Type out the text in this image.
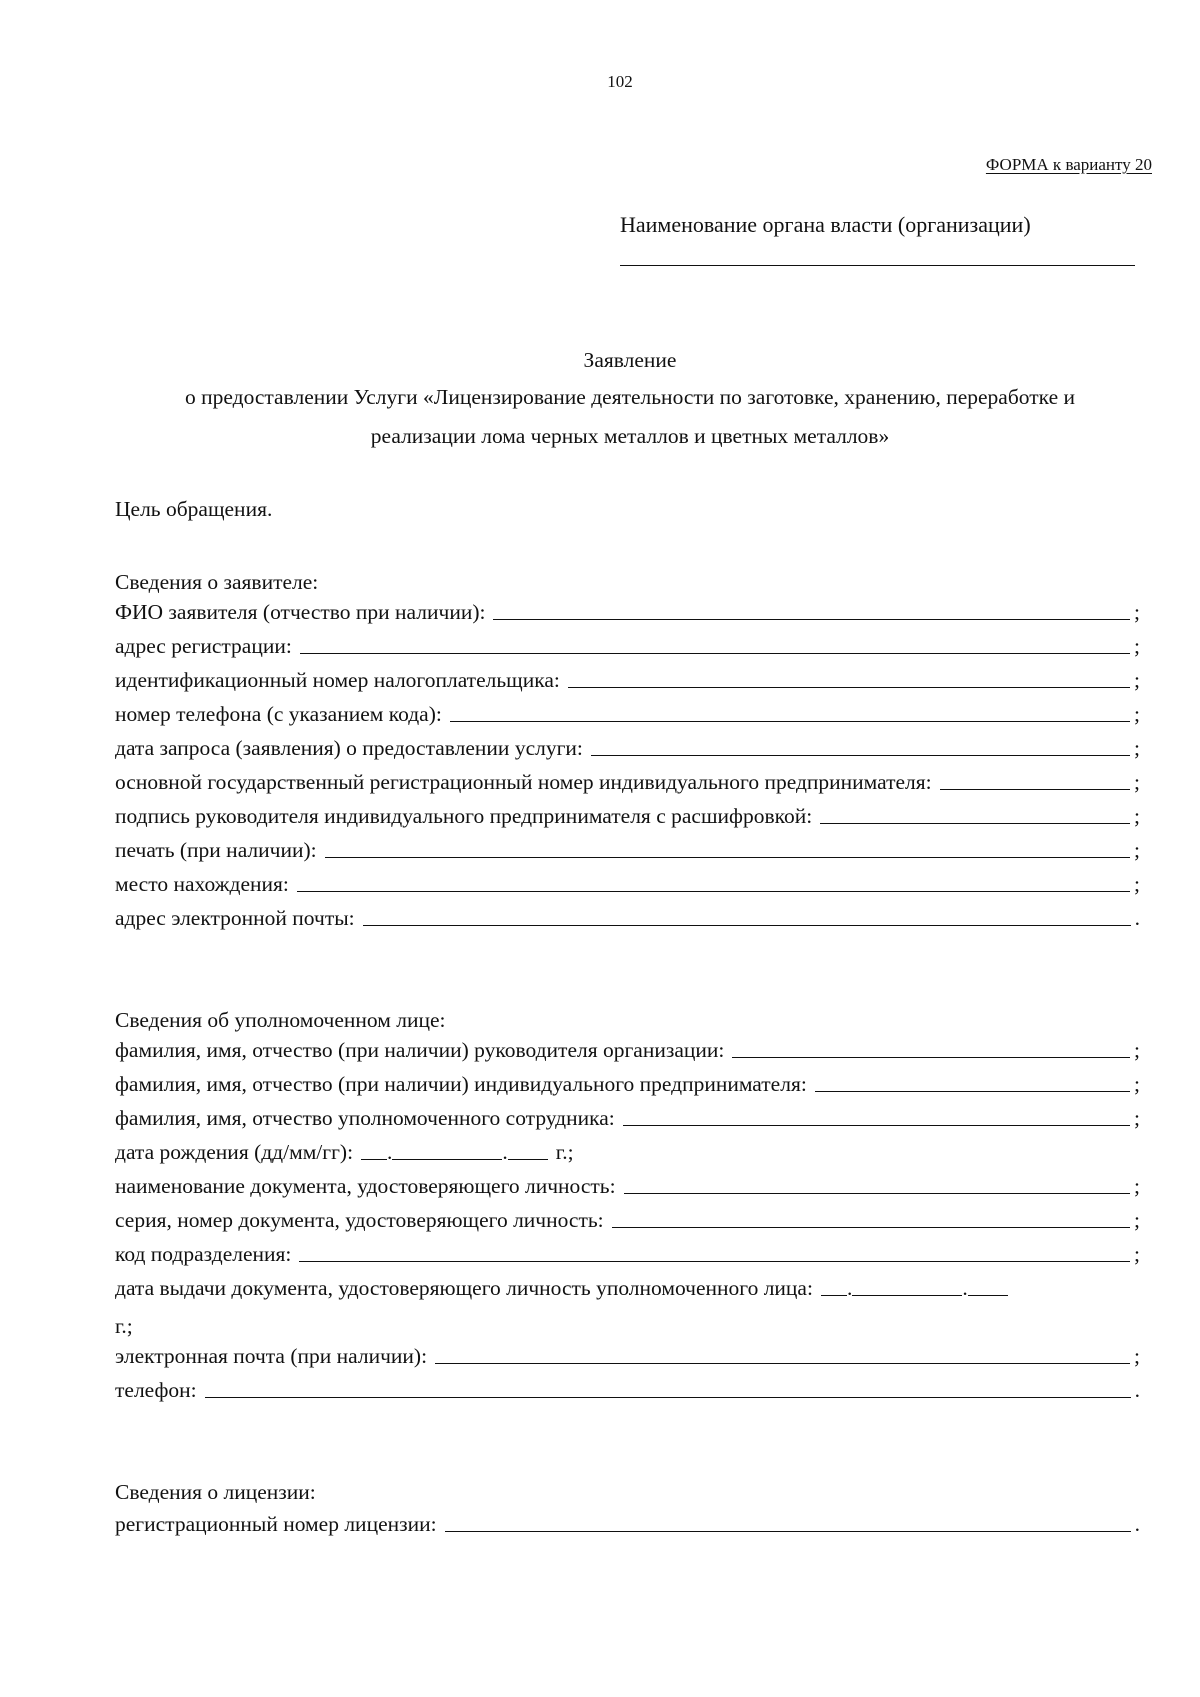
102
ФОРМА к варианту 20
Наименование органа власти (организации)
Заявление
о предоставлении Услуги «Лицензирование деятельности по заготовке, хранению, переработке и
реализации лома черных металлов и цветных металлов»
Цель обращения.
Сведения о заявителе:
ФИО заявителя (отчество при наличии):	;
адрес регистрации:	;
идентификационный номер налогоплательщика:	;
номер телефона (с указанием кода):	;
дата запроса (заявления) о предоставлении услуги:	;
основной государственный регистрационный номер индивидуального предпринимателя:	;
подпись руководителя индивидуального предпринимателя с расшифровкой:	;
печать (при наличии):	;
место нахождения:	;
адрес электронной почты:	.
Сведения об уполномоченном лице:
фамилия, имя, отчество (при наличии) руководителя организации:	;
фамилия, имя, отчество (при наличии) индивидуального предпринимателя:	;
фамилия, имя, отчество уполномоченного сотрудника:	;
дата рождения (дд/мм/гг): .	. г.;
наименование документа, удостоверяющего личность:	;
серия, номер документа, удостоверяющего личность:	;
код подразделения:	;
дата выдачи документа, удостоверяющего личность уполномоченного лица: .	.
г.;
электронная почта (при наличии):	;
телефон:	.
Сведения о лицензии:
регистрационный номер лицензии:	.
